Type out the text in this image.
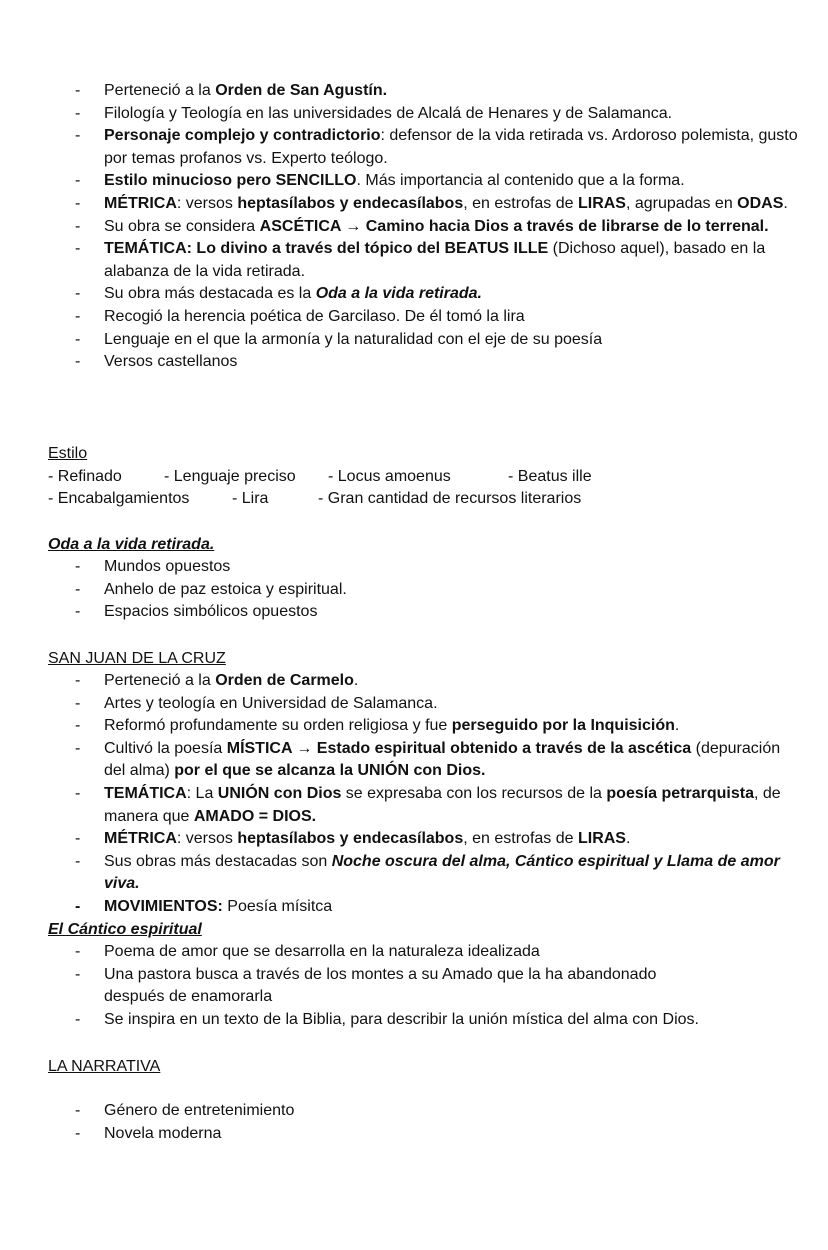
- Perteneció a la Orden de San Agustín.
- Filología y Teología en las universidades de Alcalá de Henares y de Salamanca.
- Personaje complejo y contradictorio: defensor de la vida retirada vs. Ardoroso polemista, gusto por temas profanos vs. Experto teólogo.
- Estilo minucioso pero SENCILLO. Más importancia al contenido que a la forma.
- MÉTRICA: versos heptasílabos y endecasílabos, en estrofas de LIRAS, agrupadas en ODAS.
- Su obra se considera ASCÉTICA → Camino hacia Dios a través de librarse de lo terrenal.
- TEMÁTICA: Lo divino a través del tópico del BEATUS ILLE (Dichoso aquel), basado en la alabanza de la vida retirada.
- Su obra más destacada es la Oda a la vida retirada.
- Recogió la herencia poética de Garcilaso. De él tomó la lira
- Lenguaje en el que la armonía y la naturalidad con el eje de su poesía
- Versos castellanos
Estilo
- Refinado	- Lenguaje preciso - Locus amoenus	- Beatus ille
- Encabalgamientos	- Lira	- Gran cantidad de recursos literarios
Oda a la vida retirada.
- Mundos opuestos
- Anhelo de paz estoica y espiritual.
- Espacios simbólicos opuestos
SAN JUAN DE LA CRUZ
- Perteneció a la Orden de Carmelo.
- Artes y teología en Universidad de Salamanca.
- Reformó profundamente su orden religiosa y fue perseguido por la Inquisición.
- Cultivó la poesía MÍSTICA → Estado espiritual obtenido a través de la ascética (depuración del alma) por el que se alcanza la UNIÓN con Dios.
- TEMÁTICA: La UNIÓN con Dios se expresaba con los recursos de la poesía petrarquista, de manera que AMADO = DIOS.
- MÉTRICA: versos heptasílabos y endecasílabos, en estrofas de LIRAS.
- Sus obras más destacadas son Noche oscura del alma, Cántico espiritual y Llama de amor viva.
- MOVIMIENTOS: Poesía mísitca
El Cántico espiritual
- Poema de amor que se desarrolla en la naturaleza idealizada
- Una pastora busca a través de los montes a su Amado que la ha abandonado después de enamorarla
- Se inspira en un texto de la Biblia, para describir la unión mística del alma con Dios.
LA NARRATIVA
- Género de entretenimiento
- Novela moderna
